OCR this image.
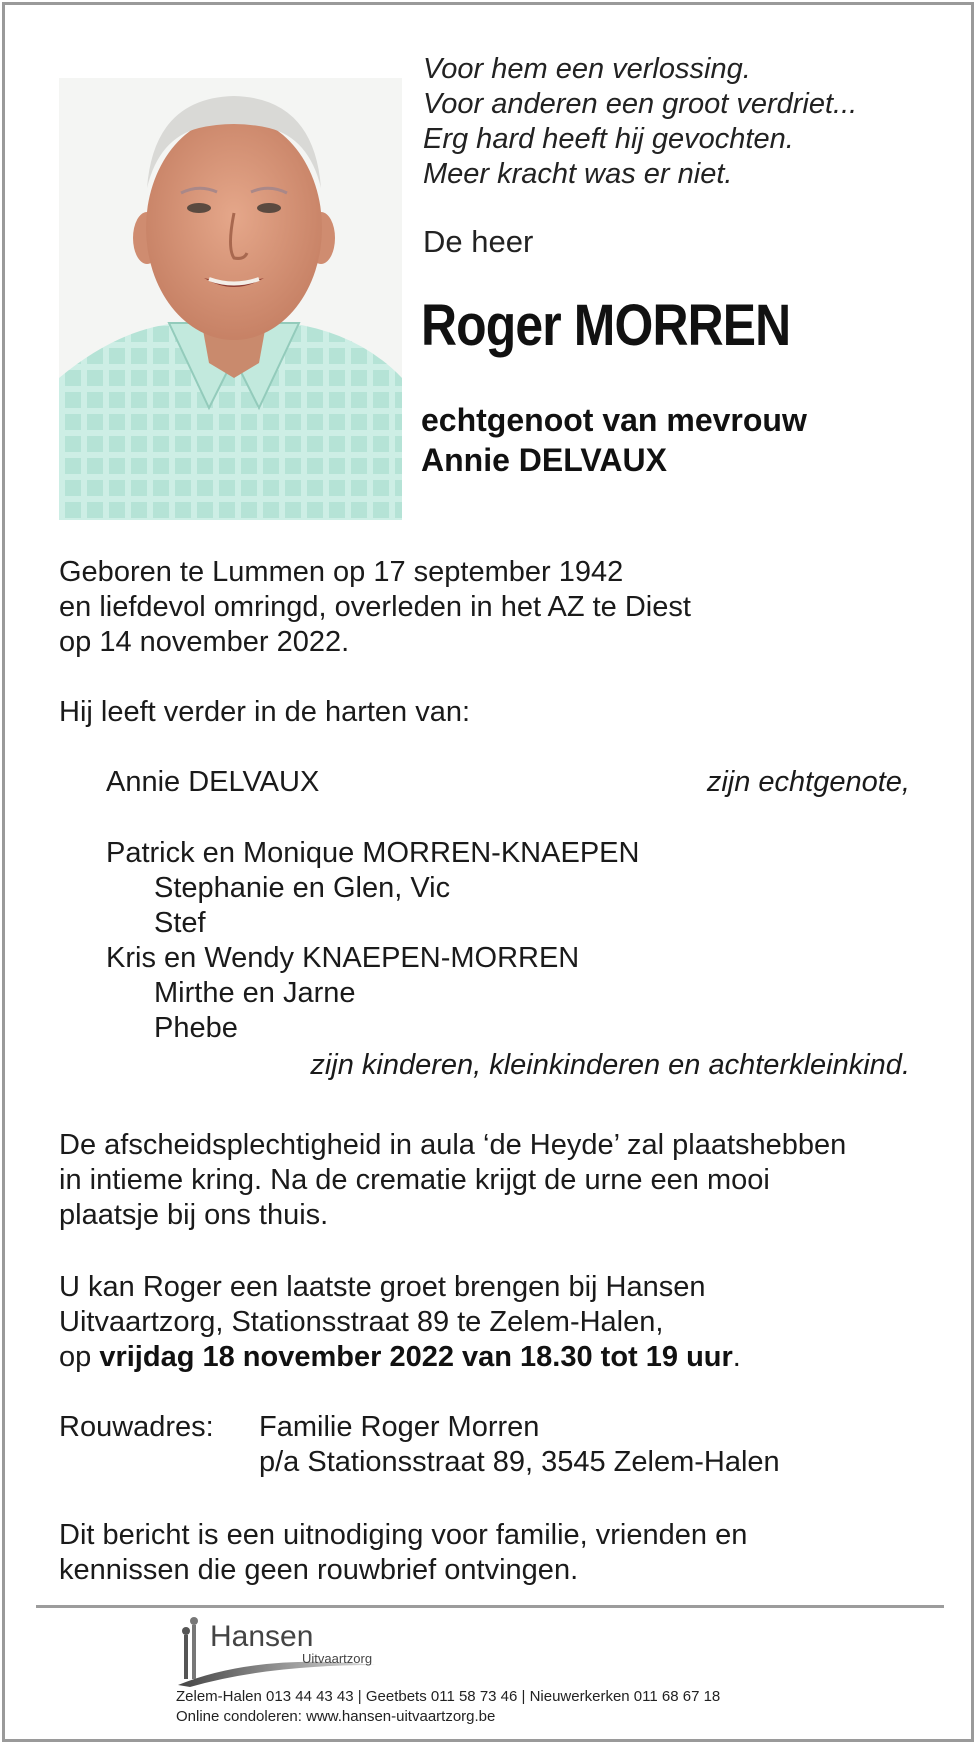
Voor hem een verlossing.
Voor anderen een groot verdriet...
Erg hard heeft hij gevochten.
Meer kracht was er niet.
De heer
Roger MORREN
echtgenoot van mevrouw
Annie DELVAUX
Geboren te Lummen op 17 september 1942
en liefdevol omringd, overleden in het AZ te Diest
op 14 november 2022.
Hij leeft verder in de harten van:
Annie DELVAUX	zijn echtgenote,
Patrick en Monique MORREN-KNAEPEN
Stephanie en Glen, Vic
Stef
Kris en Wendy KNAEPEN-MORREN
Mirthe en Jarne
Phebe
zijn kinderen, kleinkinderen en achterkleinkind.
De afscheidsplechtigheid in aula ‘de Heyde’ zal plaatshebben
in intieme kring. Na de crematie krijgt de urne een mooi
plaatsje bij ons thuis.
U kan Roger een laatste groet brengen bij Hansen
Uitvaartzorg, Stationsstraat 89 te Zelem-Halen,
op vrijdag 18 november 2022 van 18.30 tot 19 uur.
Rouwadres: Familie Roger Morren
p/a Stationsstraat 89, 3545 Zelem-Halen
Dit bericht is een uitnodiging voor familie, vrienden en
kennissen die geen rouwbrief ontvingen.
Hansen
Uitvaartzorg
Zelem-Halen 013 44 43 43 | Geetbets 011 58 73 46 | Nieuwerkerken 011 68 67 18
Online condoleren: www.hansen-uitvaartzorg.be
